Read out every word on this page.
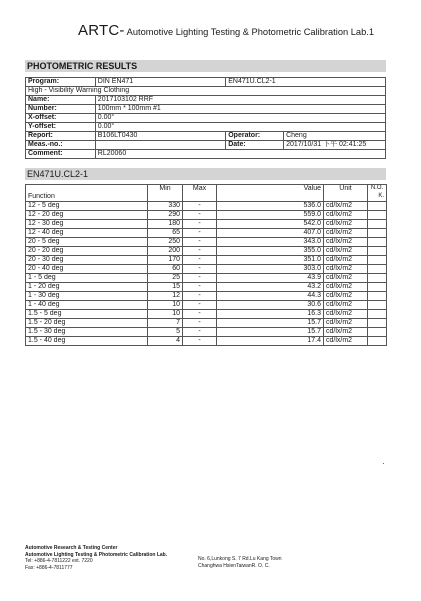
ARTC- Automotive Lighting Testing & Photometric Calibration Lab.1
PHOTOMETRIC RESULTS
Program:	DIN EN471	EN471U.CL2-1	
High - Visibility Warning Clothing			
Name:	2017103102 RRF		
Number:	100mm * 100mm #1		
X-offset:	0.00°		
Y-offset:	0.00°		
Report:	B106LT0430	Operator:	Cheng
Meas.-no.:		Date:	2017/10/31 下午 02:41:25
Comment:	RL20060		
EN471U.CL2-1
Function	Min	Max	Value	Unit	N.O.
K.

12 - 5 deg	330	-	536.0	cd/lx/m2	
12 - 20 deg	290	-	559.0	cd/lx/m2	
12 - 30 deg	180	-	542.0	cd/lx/m2	
12 - 40 deg	65	-	407.0	cd/lx/m2	
20 - 5 deg	250	-	343.0	cd/lx/m2	
20 - 20 deg	200	-	355.0	cd/lx/m2	
20 - 30 deg	170	-	351.0	cd/lx/m2	
20 - 40 deg	60	-	303.0	cd/lx/m2	
1 - 5 deg	25	-	43.9	cd/lx/m2	
1 - 20 deg	15	-	43.2	cd/lx/m2	
1 - 30 deg	12	-	44.3	cd/lx/m2	
1 - 40 deg	10	-	30.6	cd/lx/m2	
1.5 - 5 deg	10	-	16.3	cd/lx/m2	
1.5 - 20 deg	7	-	15.7	cd/lx/m2	
1.5 - 30 deg	5	-	15.7	cd/lx/m2	
1.5 - 40 deg	4	-	17.4	cd/lx/m2	
Automotive Research & Testing Center
Automotive Lighting Testing & Photometric Calibration Lab.
Tel: +886-4-7811222 ext. 7220
Fax: +886-4-7811777
No. 6,Lunkong S. 7 Rd.Lu Kang Town
Changhwa HsienTaiwanR. O. C.
